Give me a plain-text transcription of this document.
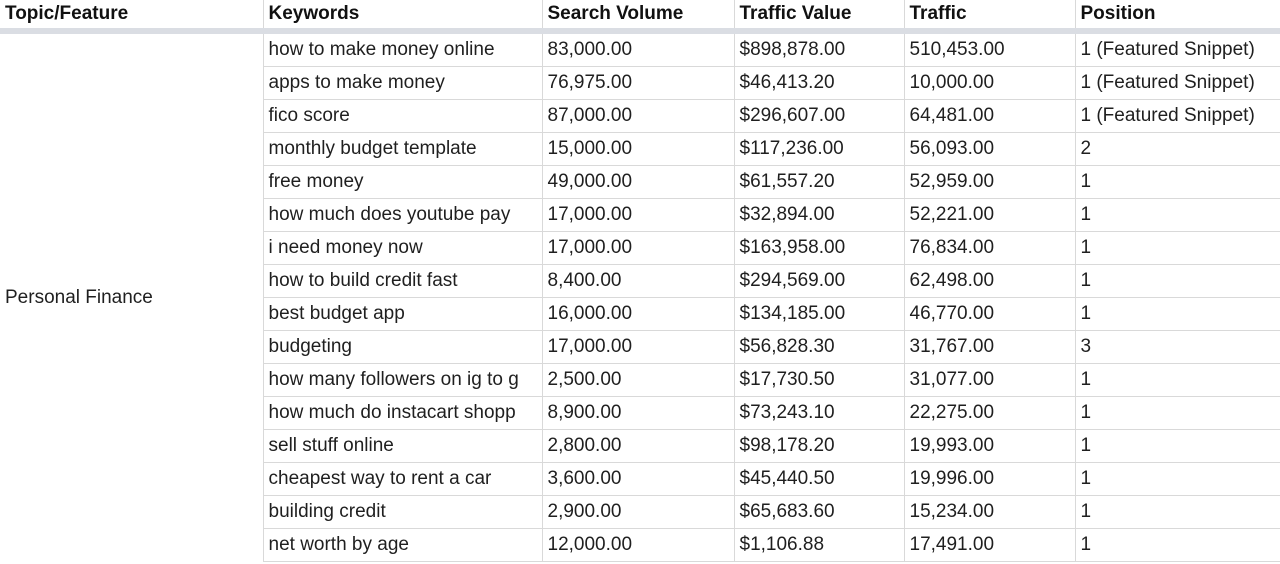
Topic/Feature	Keywords	Search Volume	Traffic Value	Traffic	Position
Personal Finance	how to make money online	83,000.00	$898,878.00	510,453.00	1 (Featured Snippet)
	apps to make money	76,975.00	$46,413.20	10,000.00	1 (Featured Snippet)
	fico score	87,000.00	$296,607.00	64,481.00	1 (Featured Snippet)
	monthly budget template	15,000.00	$117,236.00	56,093.00	2
	free money	49,000.00	$61,557.20	52,959.00	1
	how much does youtube pay	17,000.00	$32,894.00	52,221.00	1
	i need money now	17,000.00	$163,958.00	76,834.00	1
	how to build credit fast	8,400.00	$294,569.00	62,498.00	1
	best budget app	16,000.00	$134,185.00	46,770.00	1
	budgeting	17,000.00	$56,828.30	31,767.00	3
	how many followers on ig to g	2,500.00	$17,730.50	31,077.00	1
	how much do instacart shopp	8,900.00	$73,243.10	22,275.00	1
	sell stuff online	2,800.00	$98,178.20	19,993.00	1
	cheapest way to rent a car	3,600.00	$45,440.50	19,996.00	1
	building credit	2,900.00	$65,683.60	15,234.00	1
	net worth by age	12,000.00	$1,106.88	17,491.00	1
